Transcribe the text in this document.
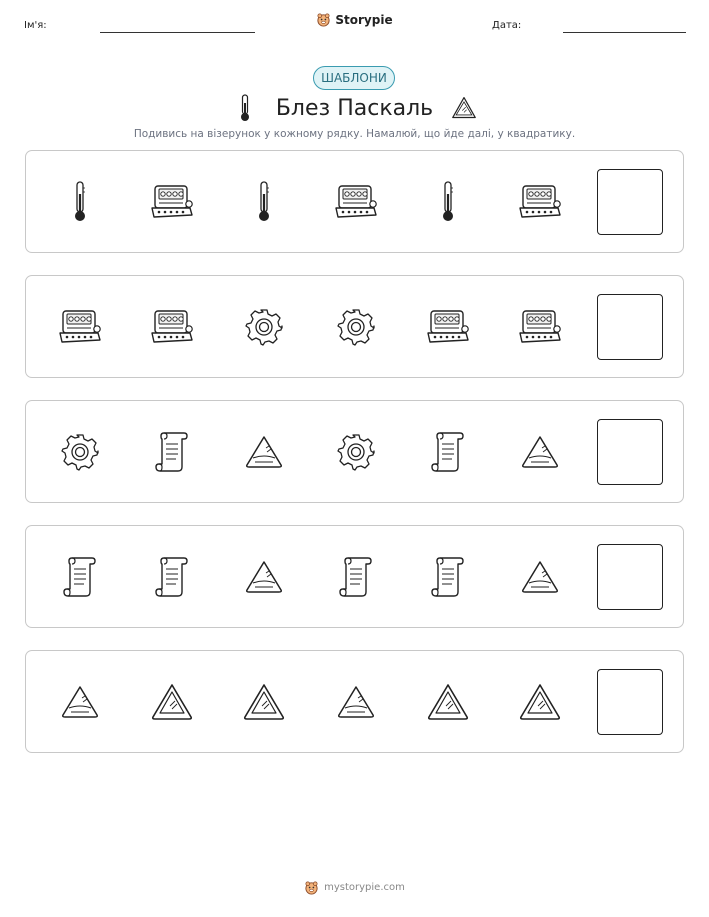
Ім'я:	Storypie	Дата:
ШАБЛОНИ
Блез Паскаль
Подивись на візерунок у кожному рядку. Намалюй, що йде далі, у квадратику.
mystorypie.com
